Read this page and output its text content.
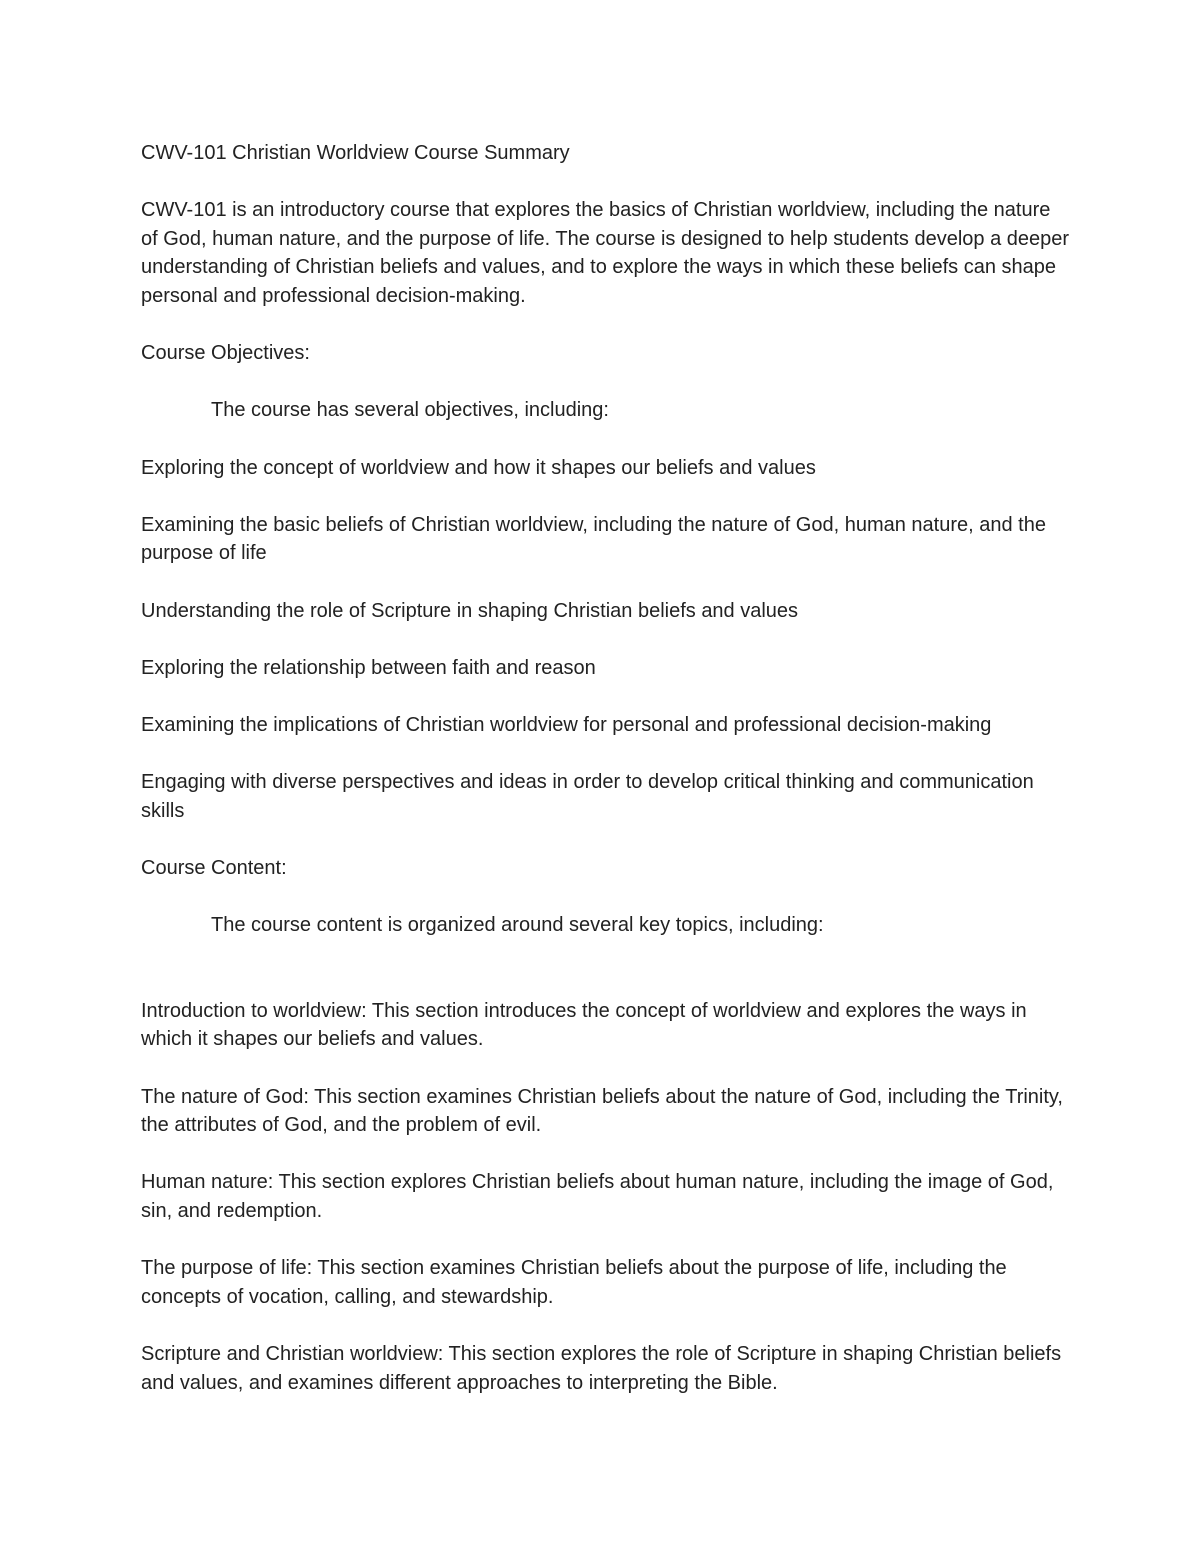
CWV-101 Christian Worldview Course Summary

CWV-101 is an introductory course that explores the basics of Christian worldview, including the nature of God, human nature, and the purpose of life. The course is designed to help students develop a deeper understanding of Christian beliefs and values, and to explore the ways in which these beliefs can shape personal and professional decision-making.

Course Objectives:

The course has several objectives, including:

Exploring the concept of worldview and how it shapes our beliefs and values

Examining the basic beliefs of Christian worldview, including the nature of God, human nature, and the purpose of life

Understanding the role of Scripture in shaping Christian beliefs and values

Exploring the relationship between faith and reason

Examining the implications of Christian worldview for personal and professional decision-making

Engaging with diverse perspectives and ideas in order to develop critical thinking and communication skills

Course Content:

The course content is organized around several key topics, including:

Introduction to worldview: This section introduces the concept of worldview and explores the ways in which it shapes our beliefs and values.

The nature of God: This section examines Christian beliefs about the nature of God, including the Trinity, the attributes of God, and the problem of evil.

Human nature: This section explores Christian beliefs about human nature, including the image of God, sin, and redemption.

The purpose of life: This section examines Christian beliefs about the purpose of life, including the concepts of vocation, calling, and stewardship.

Scripture and Christian worldview: This section explores the role of Scripture in shaping Christian beliefs and values, and examines different approaches to interpreting the Bible.
